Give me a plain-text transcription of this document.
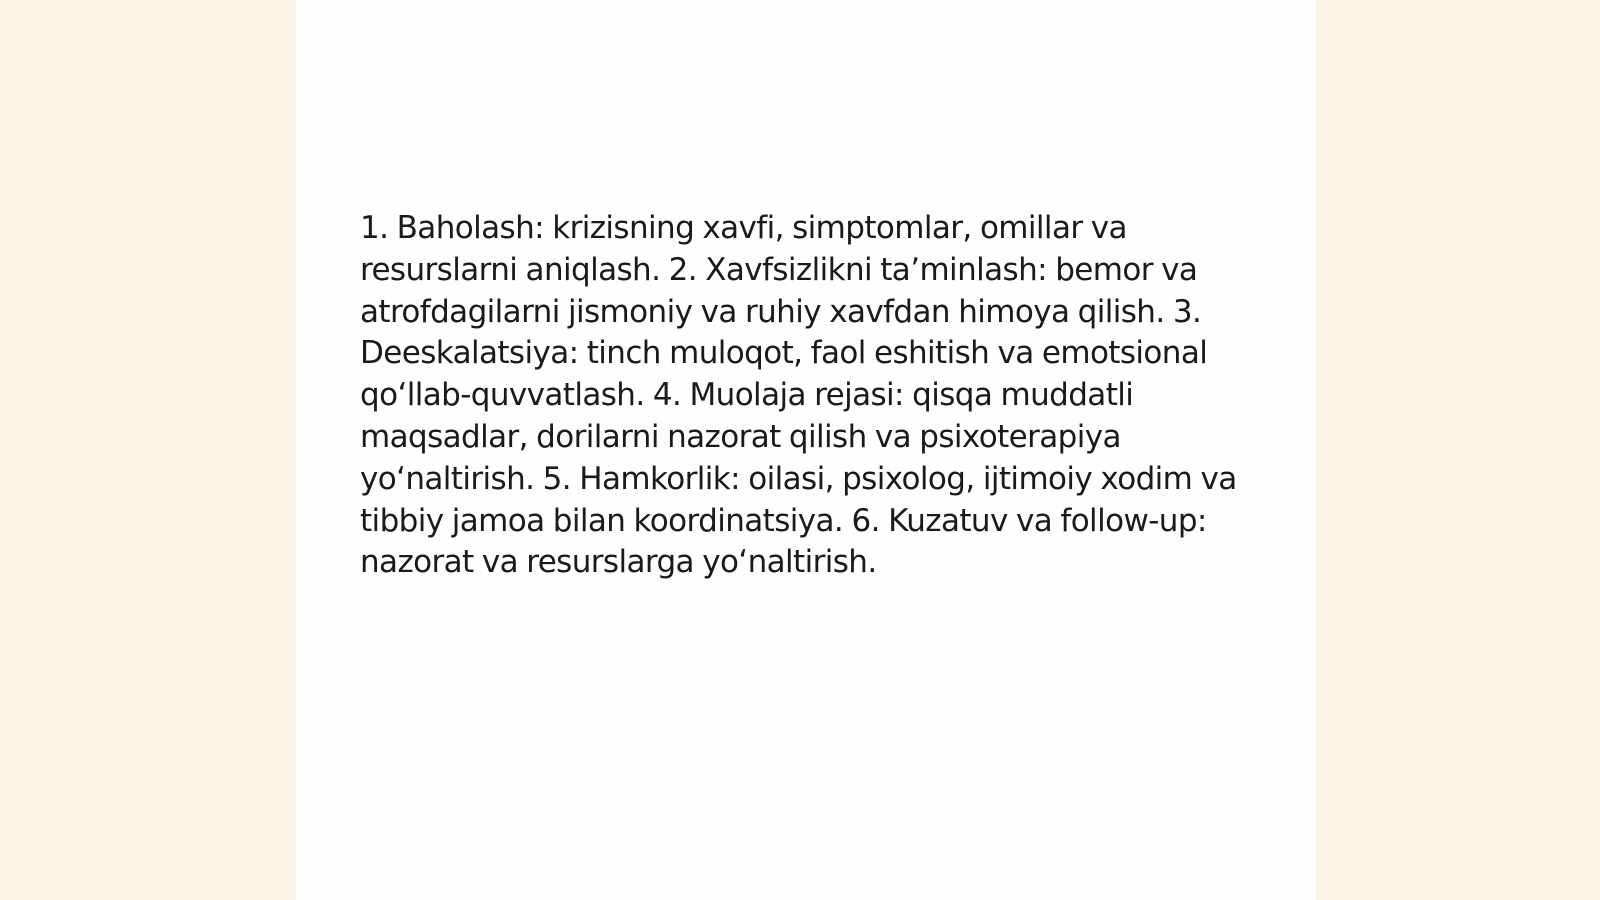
1. Baholash: krizisning xavfi, simptomlar, omillar va resurslarni aniqlash. 2. Xavfsizlikni ta’minlash: bemor va atrofdagilarni jismoniy va ruhiy xavfdan himoya qilish. 3. Deeskalatsiya: tinch muloqot, faol eshitish va emotsional qo‘llab-quvvatlash. 4. Muolaja rejasi: qisqa muddatli maqsadlar, dorilarni nazorat qilish va psixoterapiya yo‘naltirish. 5. Hamkorlik: oilasi, psixolog, ijtimoiy xodim va tibbiy jamoa bilan koordinatsiya. 6. Kuzatuv va follow-up: nazorat va resurslarga yo‘naltirish.
